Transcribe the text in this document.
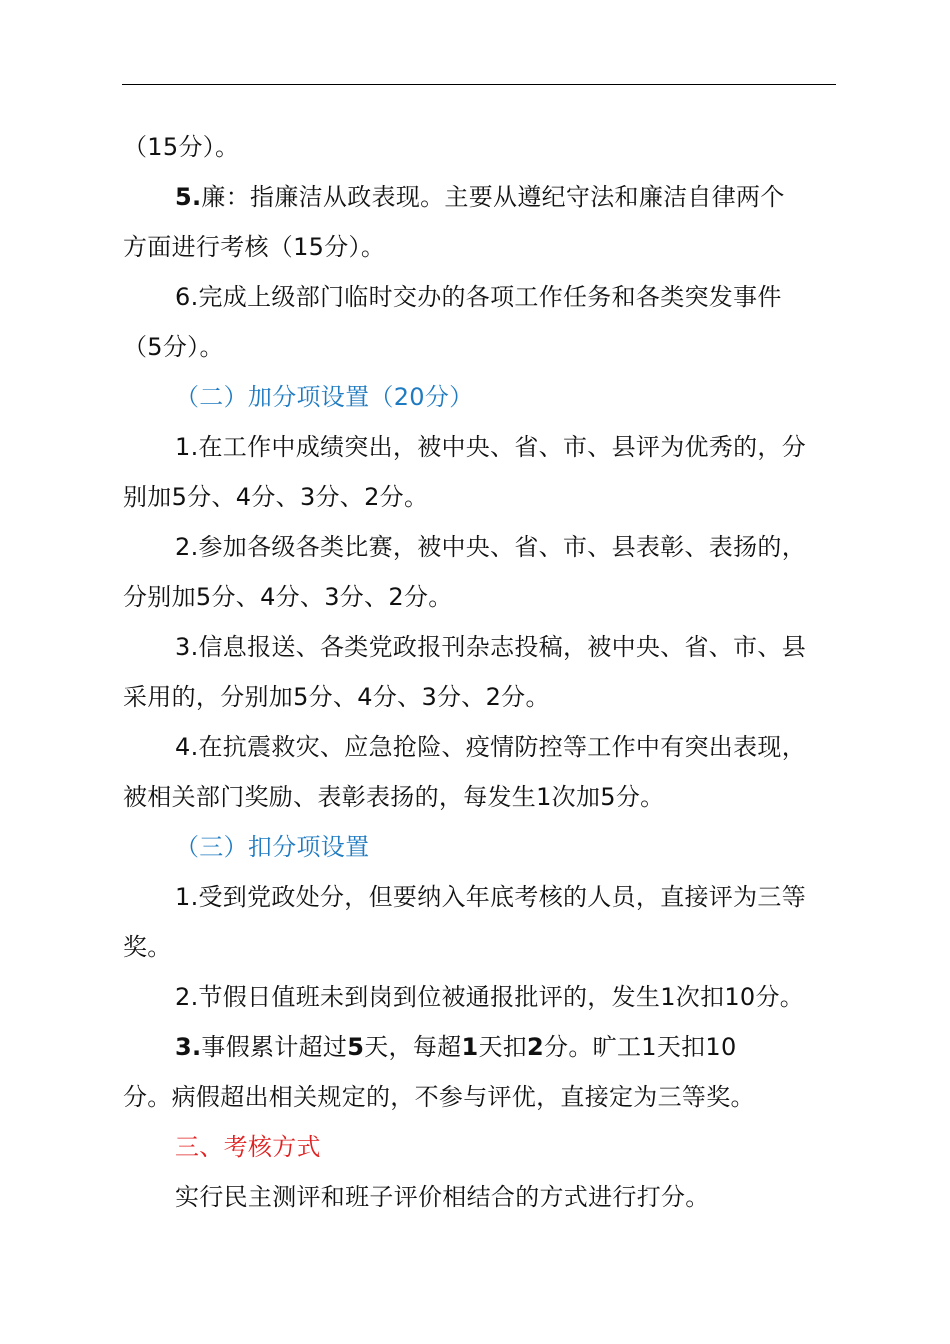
（15分）。
5.廉：指廉洁从政表现。主要从遵纪守法和廉洁自律两个
方面进行考核（15分）。
6.完成上级部门临时交办的各项工作任务和各类突发事件
（5分）。
（二）加分项设置（20分）
1.在工作中成绩突出，被中央、省、市、县评为优秀的，分
别加5分、4分、3分、2分。
2.参加各级各类比赛，被中央、省、市、县表彰、表扬的，
分别加5分、4分、3分、2分。
3.信息报送、各类党政报刊杂志投稿，被中央、省、市、县
采用的，分别加5分、4分、3分、2分。
4.在抗震救灾、应急抢险、疫情防控等工作中有突出表现，
被相关部门奖励、表彰表扬的，每发生1次加5分。
（三）扣分项设置
1.受到党政处分，但要纳入年底考核的人员，直接评为三等
奖。
2.节假日值班未到岗到位被通报批评的，发生1次扣10分。
3.事假累计超过5天，每超1天扣2分。旷工1天扣10
分。病假超出相关规定的，不参与评优，直接定为三等奖。
三、考核方式
实行民主测评和班子评价相结合的方式进行打分。
